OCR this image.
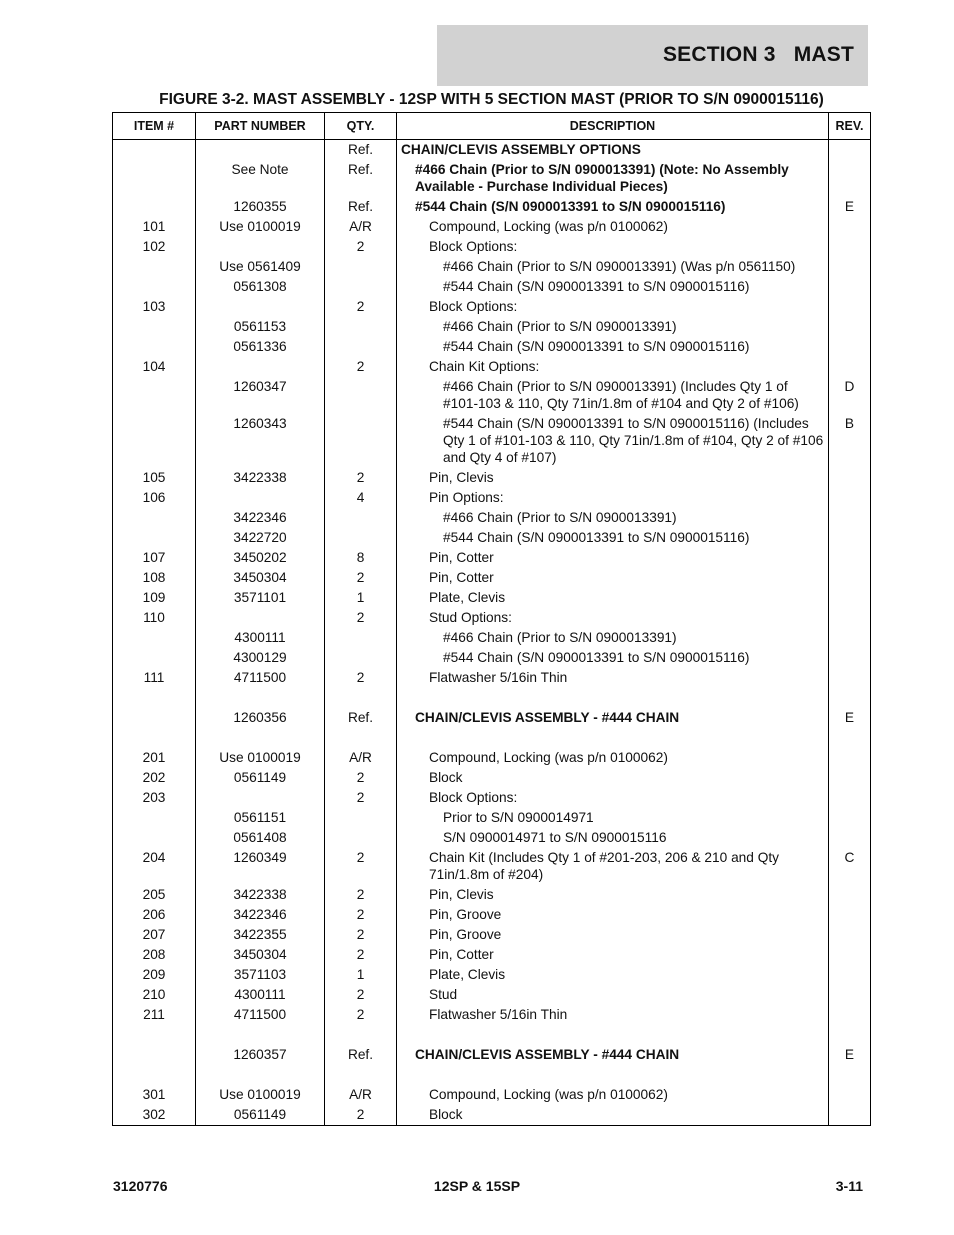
SECTION 3   MAST
FIGURE 3-2. MAST ASSEMBLY - 12SP WITH 5 SECTION MAST (PRIOR TO S/N 0900015116)
ITEM #	PART NUMBER	QTY.	DESCRIPTION	REV.
		Ref.	CHAIN/CLEVIS ASSEMBLY OPTIONS	
	See Note	Ref.	#466 Chain (Prior to S/N 0900013391) (Note: No Assembly Available - Purchase Individual Pieces)	
	1260355	Ref.	#544 Chain (S/N 0900013391 to S/N 0900015116)	E
101	Use 0100019	A/R	Compound, Locking (was p/n 0100062)	
102		2	Block Options:	
	Use 0561409		#466 Chain (Prior to S/N 0900013391) (Was p/n 0561150)	
	0561308		#544 Chain (S/N 0900013391 to S/N 0900015116)	
103		2	Block Options:	
	0561153		#466 Chain (Prior to S/N 0900013391)	
	0561336		#544 Chain (S/N 0900013391 to S/N 0900015116)	
104		2	Chain Kit Options:	
	1260347		#466 Chain (Prior to S/N 0900013391) (Includes Qty 1 of #101-103 & 110, Qty 71in/1.8m of #104 and Qty 2 of #106)	D
	1260343		#544 Chain (S/N 0900013391 to S/N 0900015116) (Includes Qty 1 of #101-103 & 110, Qty 71in/1.8m of #104, Qty 2 of #106 and Qty 4 of #107)	B
105	3422338	2	Pin, Clevis	
106		4	Pin Options:	
	3422346		#466 Chain (Prior to S/N 0900013391)	
	3422720		#544 Chain (S/N 0900013391 to S/N 0900015116)	
107	3450202	8	Pin, Cotter	
108	3450304	2	Pin, Cotter	
109	3571101	1	Plate, Clevis	
110		2	Stud Options:	
	4300111		#466 Chain (Prior to S/N 0900013391)	
	4300129		#544 Chain (S/N 0900013391 to S/N 0900015116)	
111	4711500	2	Flatwasher 5/16in Thin	

	1260356	Ref.	CHAIN/CLEVIS ASSEMBLY - #444 CHAIN	E

201	Use 0100019	A/R	Compound, Locking (was p/n 0100062)	
202	0561149	2	Block	
203		2	Block Options:	
	0561151		Prior to S/N 0900014971	
	0561408		S/N 0900014971 to S/N 0900015116	
204	1260349	2	Chain Kit (Includes Qty 1 of #201-203, 206 & 210 and Qty 71in/1.8m of #204)	C
205	3422338	2	Pin, Clevis	
206	3422346	2	Pin, Groove	
207	3422355	2	Pin, Groove	
208	3450304	2	Pin, Cotter	
209	3571103	1	Plate, Clevis	
210	4300111	2	Stud	
211	4711500	2	Flatwasher 5/16in Thin	

	1260357	Ref.	CHAIN/CLEVIS ASSEMBLY - #444 CHAIN	E

301	Use 0100019	A/R	Compound, Locking (was p/n 0100062)	
302	0561149	2	Block	
3120776	12SP & 15SP	3-11
